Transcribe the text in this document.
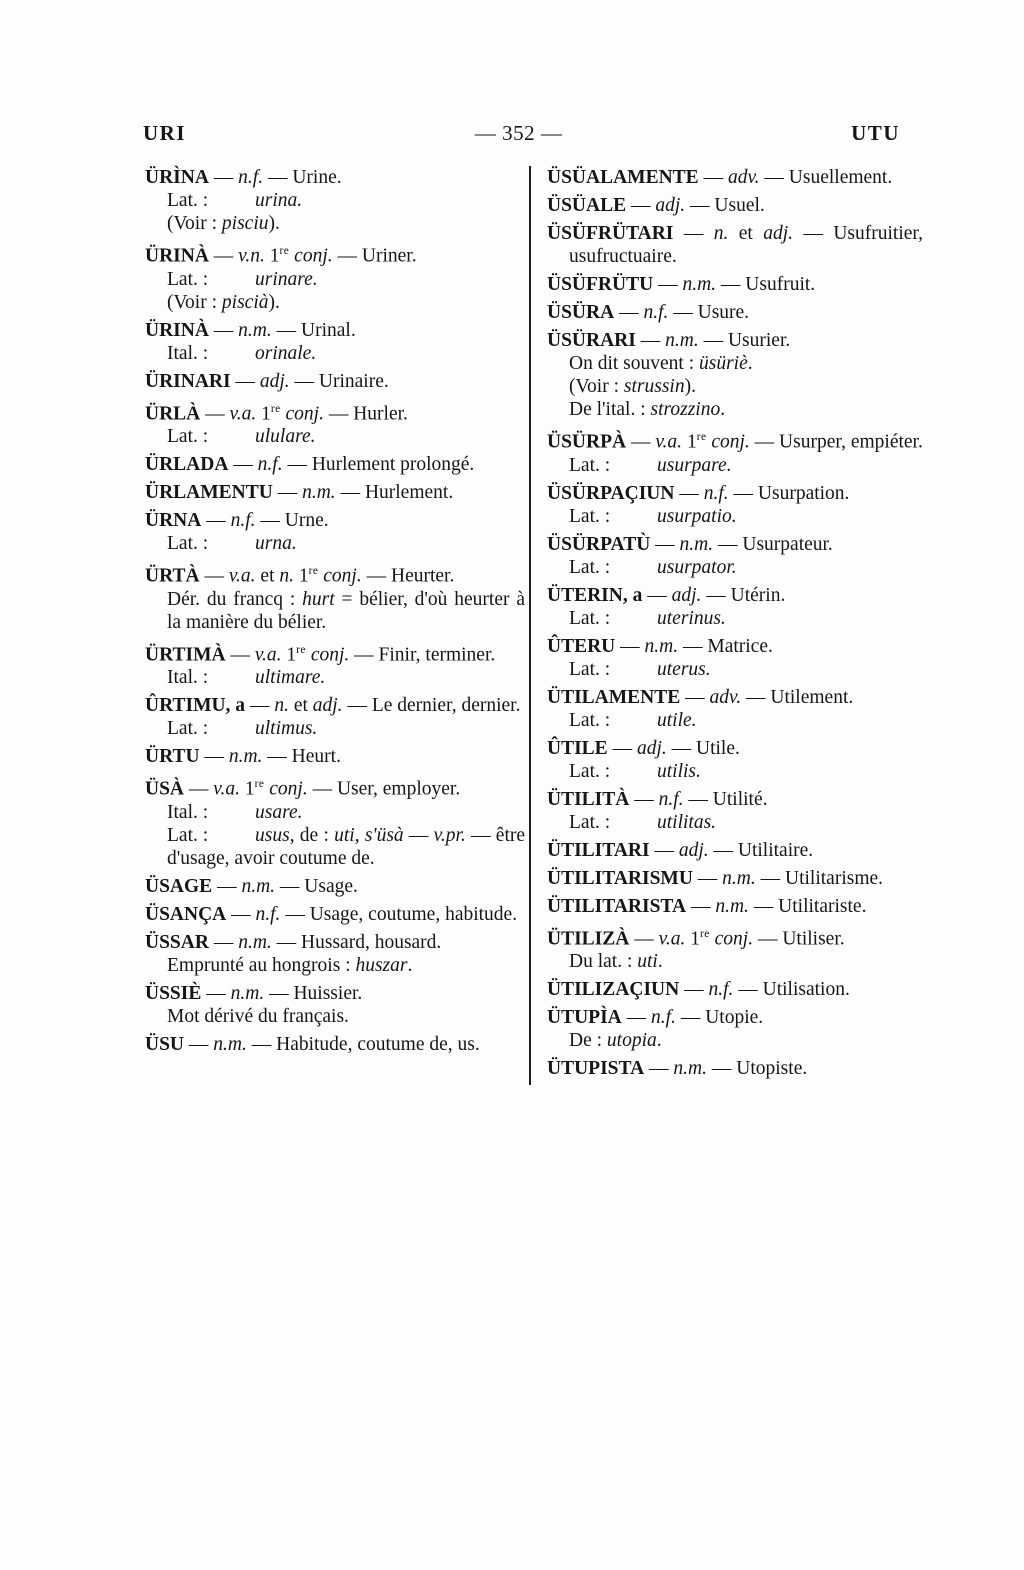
URI	— 352 —	UTU

ÜRÌNA — n.f. — Urine.

Lat. : urina.

(Voir : pisciu).

ÜRINÀ — v.n. 1re conj. — Uriner.

Lat. : urinare.

(Voir : piscià).

ÜRINÀ — n.m. — Urinal.

Ital. : orinale.

ÜRINARI — adj. — Urinaire.

ÜRLÀ — v.a. 1re conj. — Hurler.

Lat. : ululare.

ÜRLADA — n.f. — Hurlement prolongé.

ÜRLAMENTU — n.m. — Hurlement.

ÜRNA — n.f. — Urne.

Lat. : urna.

ÜRTÀ — v.a. et n. 1re conj. — Heurter.

Dér. du francq : hurt = bélier, d'où heurter à la manière du bélier.

ÜRTIMÀ — v.a. 1re conj. — Finir, terminer.

Ital. : ultimare.

ÛRTIMU, a — n. et adj. — Le dernier, dernier.

Lat. : ultimus.

ÜRTU — n.m. — Heurt.

ÜSÀ — v.a. 1re conj. — User, employer.

Ital. : usare.

Lat. : usus, de : uti, s'üsà — v.pr. — être d'usage, avoir coutume de.

ÜSAGE — n.m. — Usage.

ÜSANÇA — n.f. — Usage, coutume, habitude.

ÜSSAR — n.m. — Hussard, housard.

Emprunté au hongrois : huszar.

ÜSSIÈ — n.m. — Huissier.

Mot dérivé du français.

ÜSU — n.m. — Habitude, coutume de, us.

ÜSÜALAMENTE — adv. — Usuellement.

ÜSÜALE — adj. — Usuel.

ÜSÜFRÜTARI — n. et adj. — Usufruitier, usufructuaire.

ÜSÜFRÜTU — n.m. — Usufruit.

ÜSÜRA — n.f. — Usure.

ÜSÜRARI — n.m. — Usurier.

On dit souvent : üsüriè.

(Voir : strussin).

De l'ital. : strozzino.

ÜSÜRPÀ — v.a. 1re conj. — Usurper, empiéter.

Lat. : usurpare.

ÜSÜRPAÇIUN — n.f. — Usurpation.

Lat. : usurpatio.

ÜSÜRPATÙ — n.m. — Usurpateur.

Lat. : usurpator.

ÜTERIN, a — adj. — Utérin.

Lat. : uterinus.

ÛTERU — n.m. — Matrice.

Lat. : uterus.

ÜTILAMENTE — adv. — Utilement.

Lat. : utile.

ÛTILE — adj. — Utile.

Lat. : utilis.

ÜTILITÀ — n.f. — Utilité.

Lat. : utilitas.

ÜTILITARI — adj. — Utilitaire.

ÜTILITARISMU — n.m. — Utilitarisme.

ÜTILITARISTA — n.m. — Utilitariste.

ÜTILIZÀ — v.a. 1re conj. — Utiliser.

Du lat. : uti.

ÜTILIZAÇIUN — n.f. — Utilisation.

ÜTUPÌA — n.f. — Utopie.

De : utopia.

ÜTUPISTA — n.m. — Utopiste.
